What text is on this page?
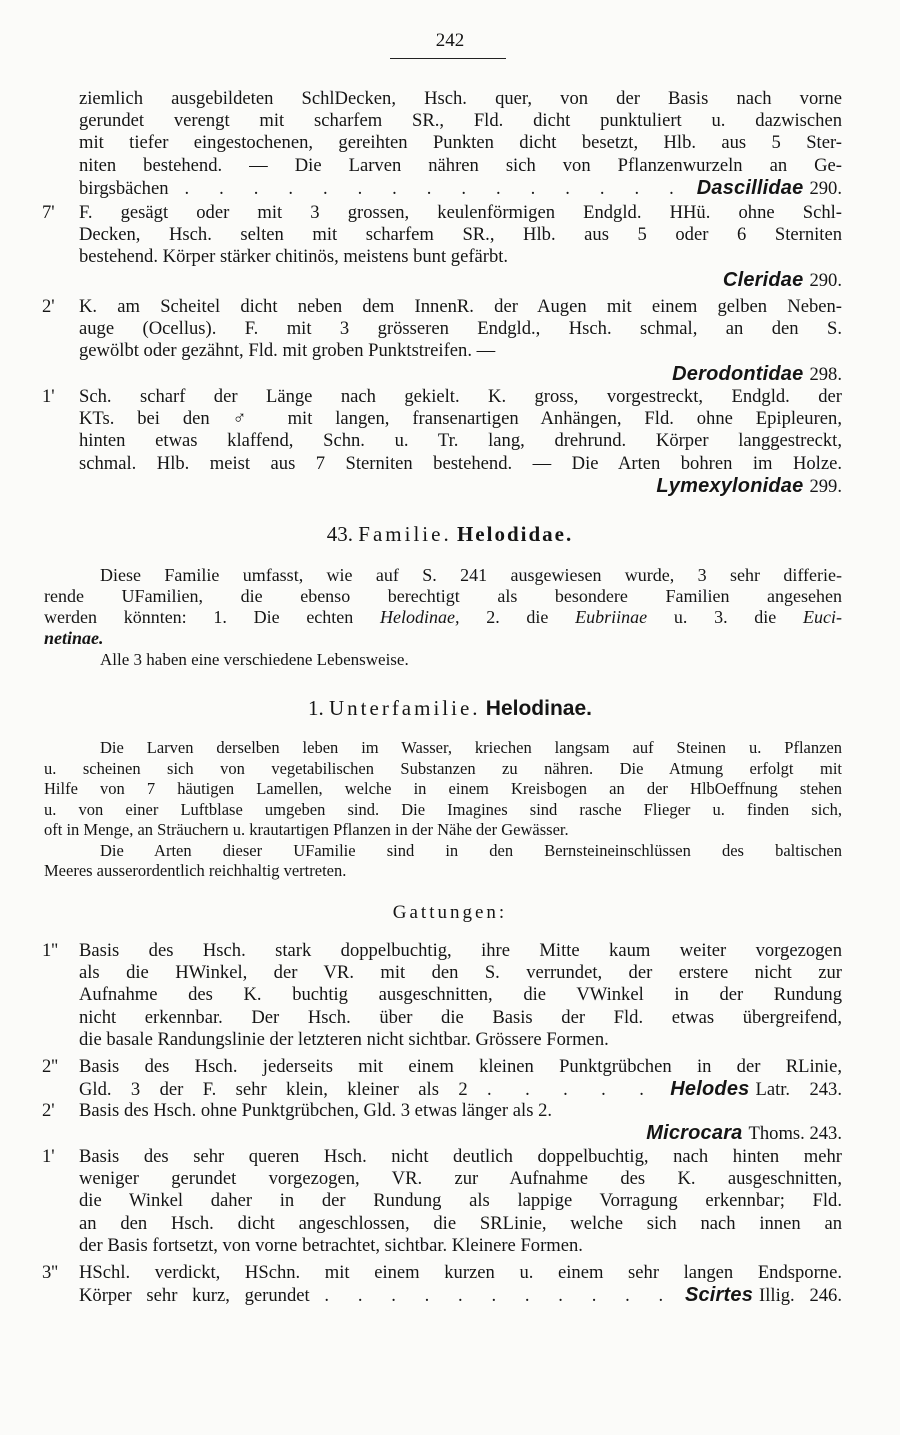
242
ziemlich ausgebildeten SchlDecken, Hsch. quer, von der Basis nach vorne
gerundet verengt mit scharfem SR., Fld. dicht punktuliert u. dazwischen
mit tiefer eingestochenen, gereihten Punkten dicht besetzt, Hlb. aus 5 Ster-
niten bestehend. — Die Larven nähren sich von Pflanzenwurzeln an Ge-
birgsbächen . . . . . . . . . . . . . . . Dascillidae 290.
7'	F. gesägt oder mit 3 grossen, keulenförmigen Endgld. HHü. ohne Schl-
Decken, Hsch. selten mit scharfem SR., Hlb. aus 5 oder 6 Sterniten
bestehend. Körper stärker chitinös, meistens bunt gefärbt.
Cleridae 290.
2'	K. am Scheitel dicht neben dem InnenR. der Augen mit einem gelben Neben-
auge (Ocellus). F. mit 3 grösseren Endgld., Hsch. schmal, an den S.
gewölbt oder gezähnt, Fld. mit groben Punktstreifen. —
Derodontidae 298.
1'	Sch. scharf der Länge nach gekielt. K. gross, vorgestreckt, Endgld. der
KTs. bei den ♂ mit langen, fransenartigen Anhängen, Fld. ohne Epipleuren,
hinten etwas klaffend, Schn. u. Tr. lang, drehrund. Körper langgestreckt,
schmal. Hlb. meist aus 7 Sterniten bestehend. — Die Arten bohren im Holze.
Lymexylonidae 299.
43. Familie. Helodidae.
Diese Familie umfasst, wie auf S. 241 ausgewiesen wurde, 3 sehr differie-
rende UFamilien, die ebenso berechtigt als besondere Familien angesehen
werden könnten: 1. Die echten Helodinae, 2. die Eubriinae u. 3. die Euci-
netinae.
Alle 3 haben eine verschiedene Lebensweise.
1. Unterfamilie. Helodinae.
Die Larven derselben leben im Wasser, kriechen langsam auf Steinen u. Pflanzen
u. scheinen sich von vegetabilischen Substanzen zu nähren. Die Atmung erfolgt mit
Hilfe von 7 häutigen Lamellen, welche in einem Kreisbogen an der HlbOeffnung stehen
u. von einer Luftblase umgeben sind. Die Imagines sind rasche Flieger u. finden sich,
oft in Menge, an Sträuchern u. krautartigen Pflanzen in der Nähe der Gewässer.
Die Arten dieser UFamilie sind in den Bernsteineinschlüssen des baltischen
Meeres ausserordentlich reichhaltig vertreten.
Gattungen:
1''	Basis des Hsch. stark doppelbuchtig, ihre Mitte kaum weiter vorgezogen
als die HWinkel, der VR. mit den S. verrundet, der erstere nicht zur
Aufnahme des K. buchtig ausgeschnitten, die VWinkel in der Rundung
nicht erkennbar. Der Hsch. über die Basis der Fld. etwas übergreifend,
die basale Randungslinie der letzteren nicht sichtbar. Grössere Formen.
2''	Basis des Hsch. jederseits mit einem kleinen Punktgrübchen in der RLinie,
Gld. 3 der F. sehr klein, kleiner als 2 . . . . . Helodes Latr. 243.
2'	Basis des Hsch. ohne Punktgrübchen, Gld. 3 etwas länger als 2.
Microcara Thoms. 243.
1'	Basis des sehr queren Hsch. nicht deutlich doppelbuchtig, nach hinten mehr
weniger gerundet vorgezogen, VR. zur Aufnahme des K. ausgeschnitten,
die Winkel daher in der Rundung als lappige Vorragung erkennbar; Fld.
an den Hsch. dicht angeschlossen, die SRLinie, welche sich nach innen an
der Basis fortsetzt, von vorne betrachtet, sichtbar. Kleinere Formen.
3''	HSchl. verdickt, HSchn. mit einem kurzen u. einem sehr langen Endsporne.
Körper sehr kurz, gerundet . . . . . . . . . . . Scirtes Illig. 246.
